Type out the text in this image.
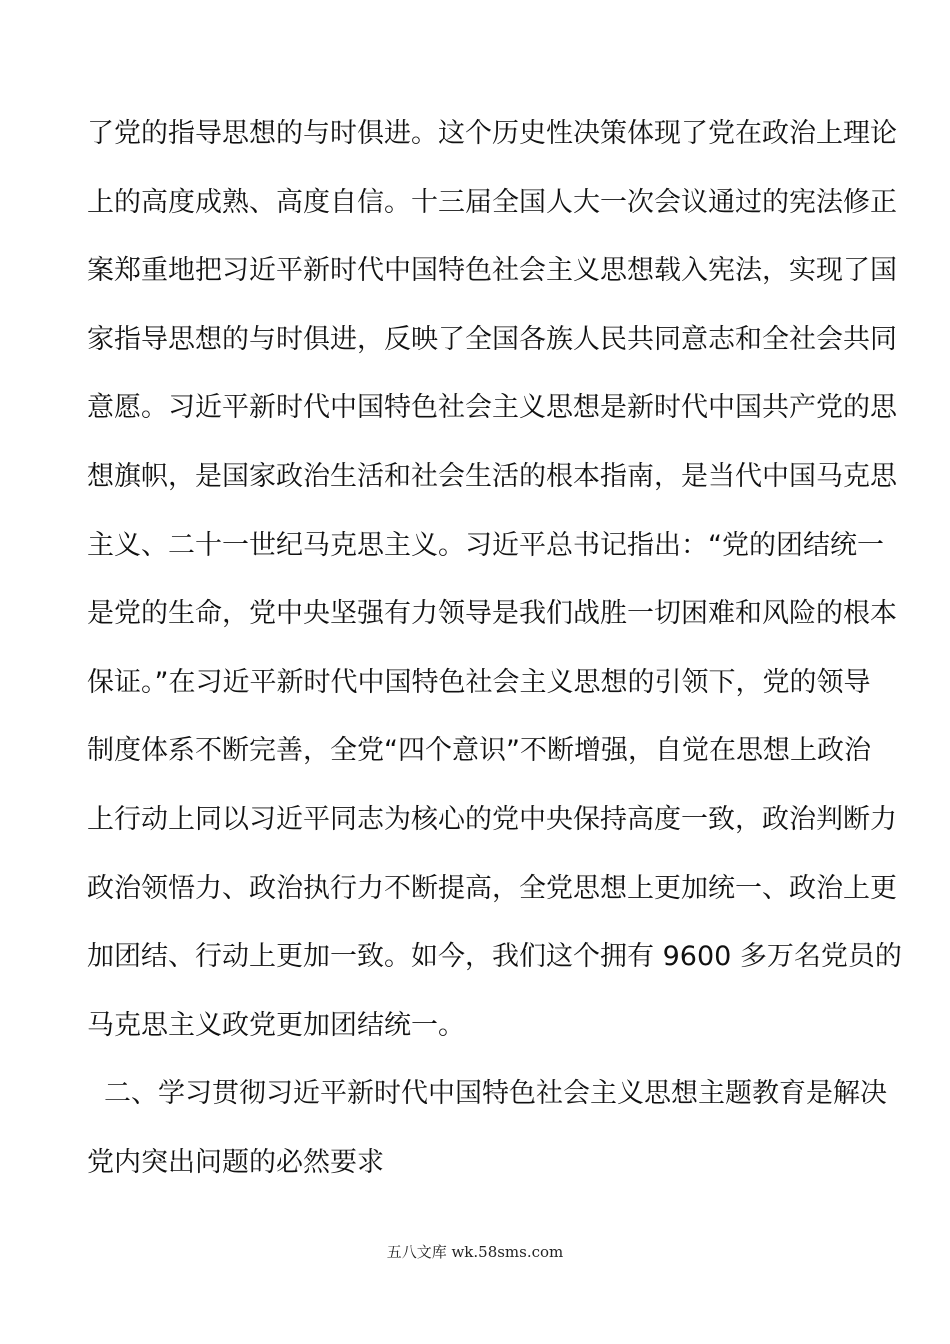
了党的指导思想的与时俱进。这个历史性决策体现了党在政治上理论
上的高度成熟、高度自信。十三届全国人大一次会议通过的宪法修正
案郑重地把习近平新时代中国特色社会主义思想载入宪法，实现了国
家指导思想的与时俱进，反映了全国各族人民共同意志和全社会共同
意愿。习近平新时代中国特色社会主义思想是新时代中国共产党的思
想旗帜，是国家政治生活和社会生活的根本指南，是当代中国马克思
主义、二十一世纪马克思主义。习近平总书记指出：“党的团结统一
是党的生命，党中央坚强有力领导是我们战胜一切困难和风险的根本
保证。”在习近平新时代中国特色社会主义思想的引领下，党的领导
制度体系不断完善，全党“四个意识”不断增强，自觉在思想上政治
上行动上同以习近平同志为核心的党中央保持高度一致，政治判断力
政治领悟力、政治执行力不断提高，全党思想上更加统一、政治上更
加团结、行动上更加一致。如今，我们这个拥有 9600 多万名党员的
马克思主义政党更加团结统一。
二、学习贯彻习近平新时代中国特色社会主义思想主题教育是解决
党内突出问题的必然要求
五八文库 wk.58sms.com
